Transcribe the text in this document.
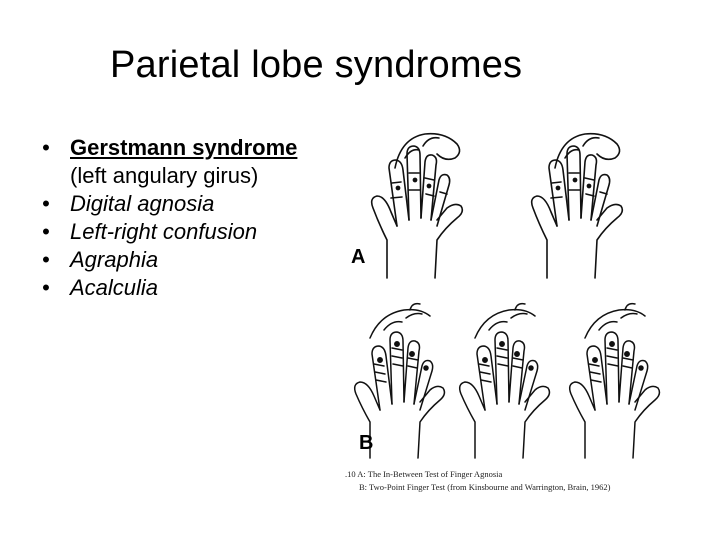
Parietal lobe syndromes
• Gerstmann syndrome
(left angulary girus)
• Digital agnosia
• Left-right confusion
• Agraphia
• Acalculia
A
B
.10 A: The In-Between Test of Finger Agnosia
B: Two-Point Finger Test (from Kinsbourne and Warrington, Brain, 1962)
